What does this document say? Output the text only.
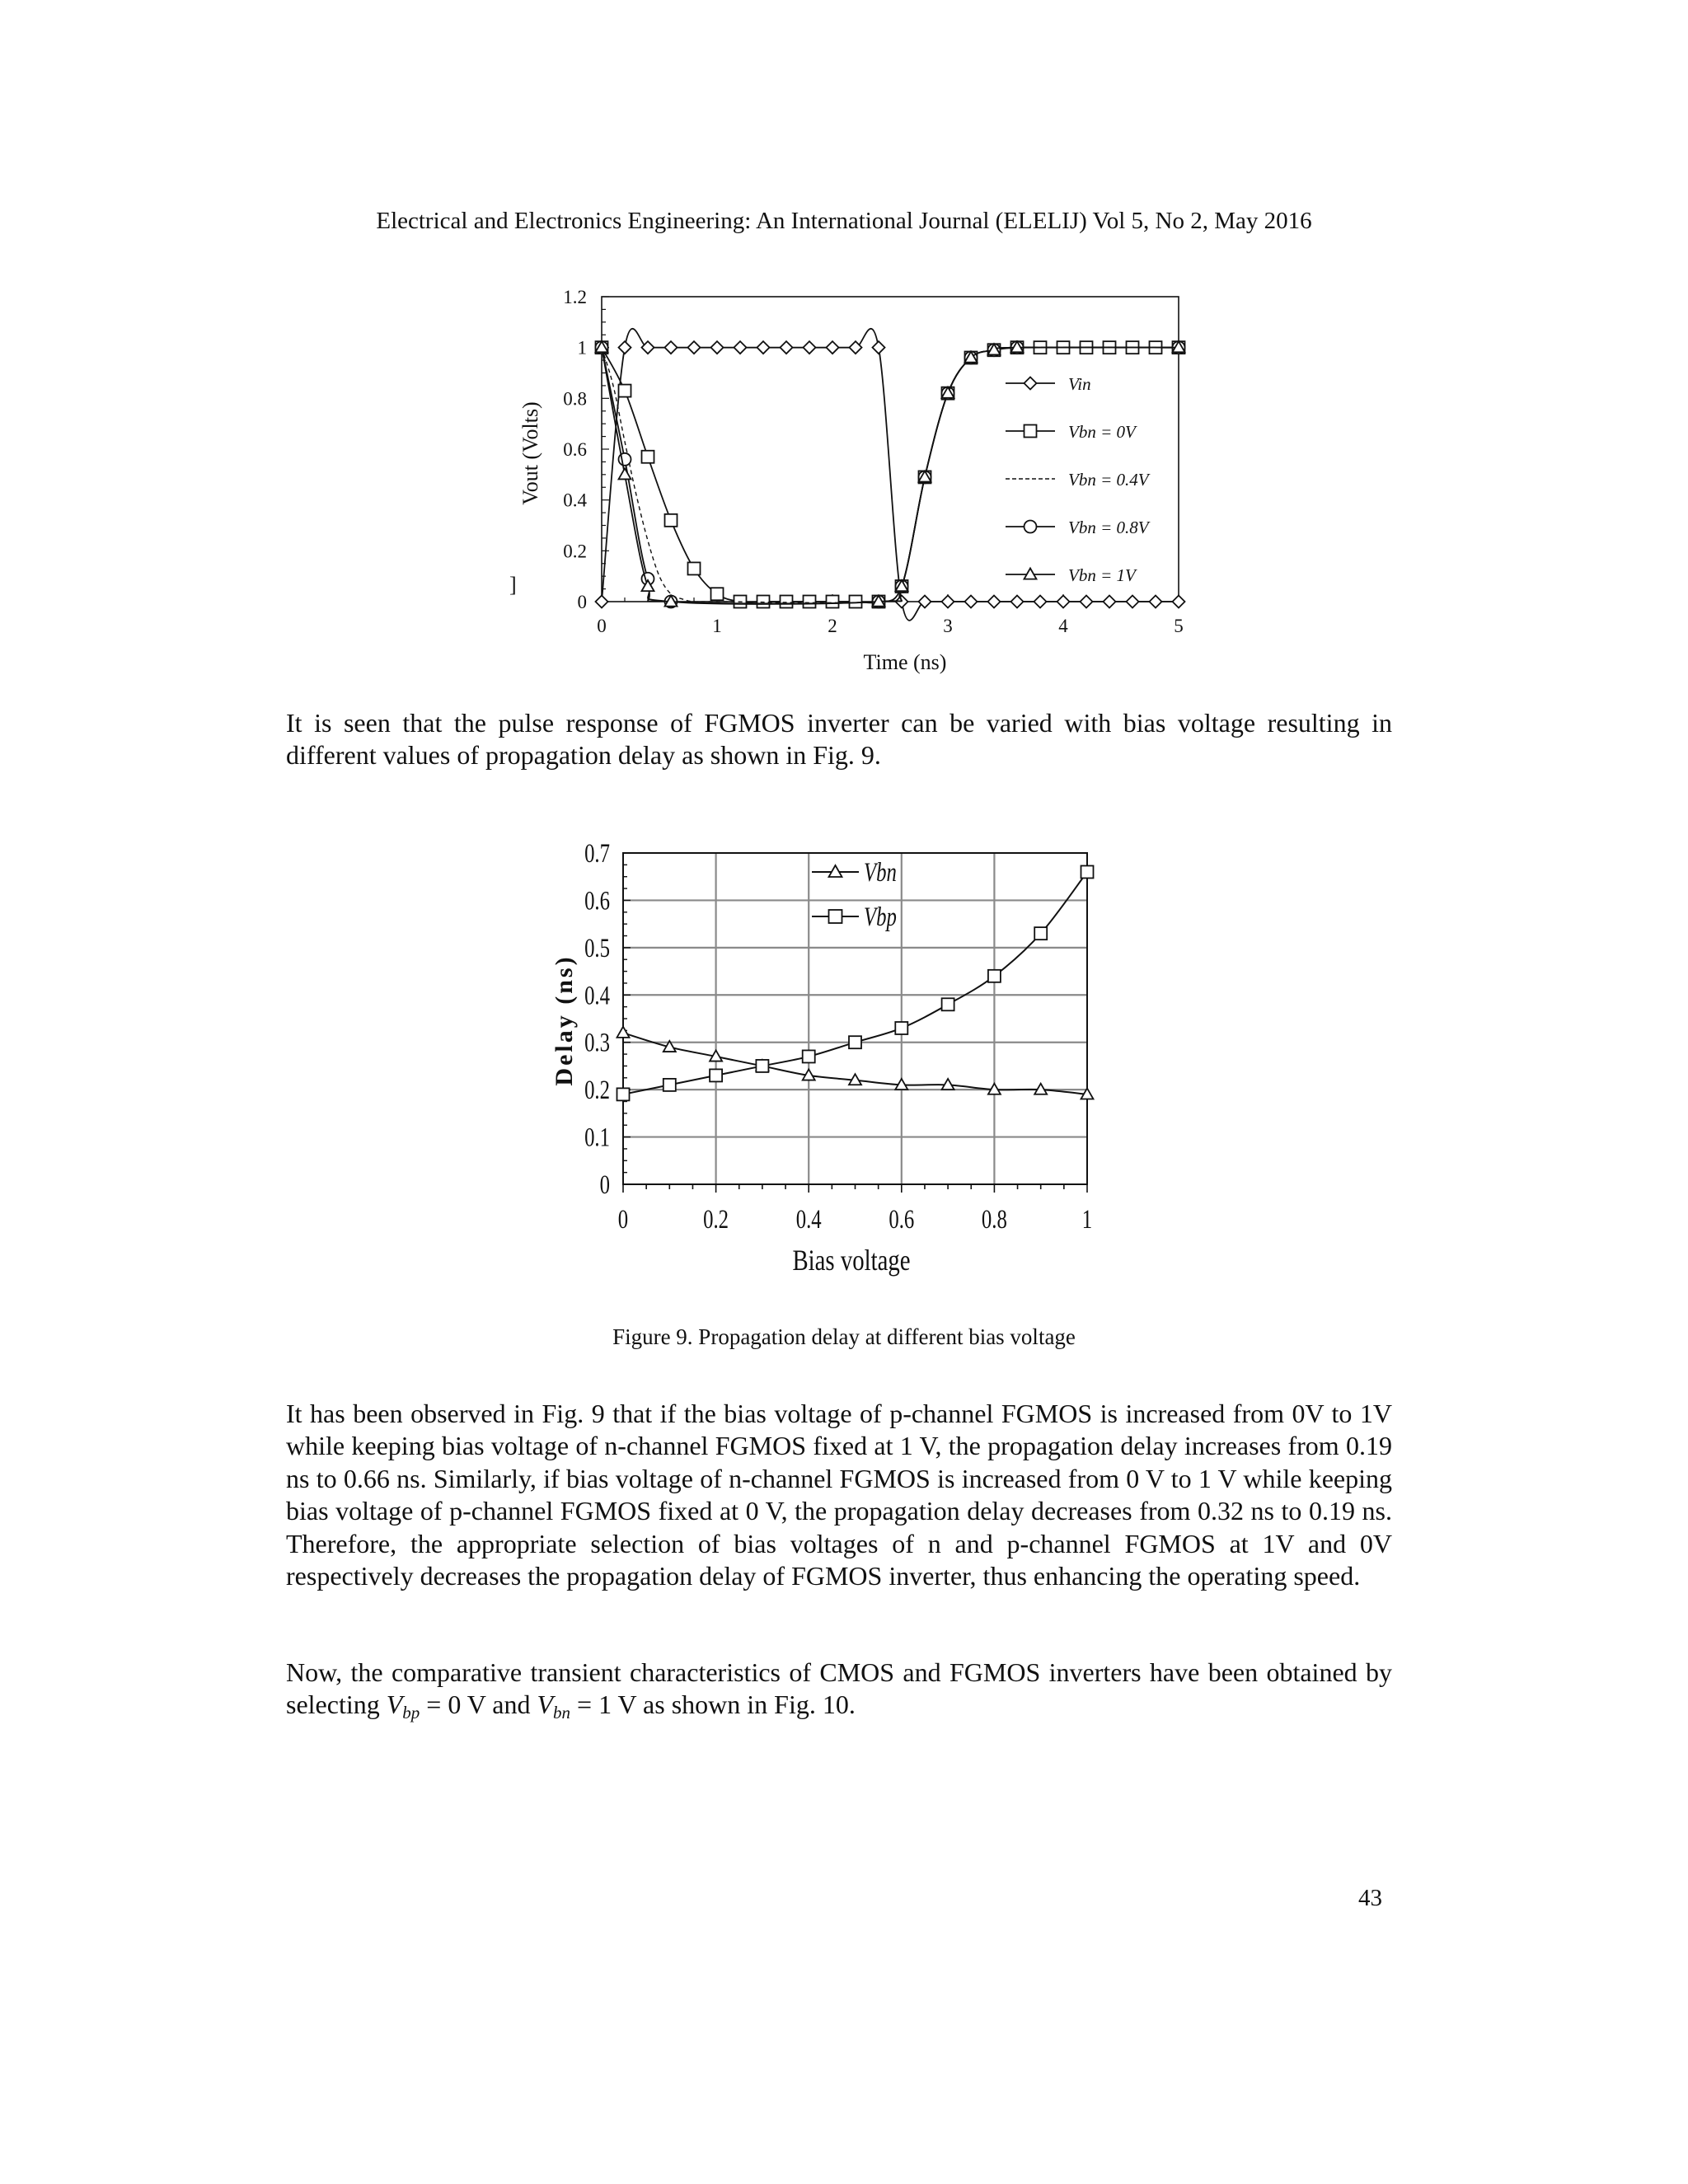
Electrical and Electronics Engineering: An International Journal (ELELIJ) Vol 5, No 2, May 2016
]
Vout (Volts)
Time (ns)
0	1	2	3	4	5
0
0.2
0.4
0.6
0.8
1
1.2
Vin
Vbn = 0V
Vbn = 0.4V
Vbn = 0.8V
Vbn = 1V

It is seen that the pulse response of FGMOS inverter can be varied with bias voltage resulting in different values of propagation delay as shown in Fig. 9.

Delay (ns)
Bias voltage
0	0.2 0.4 0.6 0.8	1
0
0.1
0.2
0.3
0.4
0.5
0.6
0.7
Vbn
Vbp
Figure 9. Propagation delay at different bias voltage

It has been observed in Fig. 9 that if the bias voltage of p-channel FGMOS is increased from 0V to 1V while keeping bias voltage of n-channel FGMOS fixed at 1 V, the propagation delay increases from 0.19 ns to 0.66 ns. Similarly, if bias voltage of n-channel FGMOS is increased from 0 V to 1 V while keeping bias voltage of p-channel FGMOS fixed at 0 V, the propagation delay decreases from 0.32 ns to 0.19 ns. Therefore, the appropriate selection of bias voltages of n and p-channel FGMOS at 1V and 0V respectively decreases the propagation delay of FGMOS inverter, thus enhancing the operating speed.

Now, the comparative transient characteristics of CMOS and FGMOS inverters have been obtained by selecting $V_{bp} = 0$ V and $V_{bn} = 1$ V as shown in Fig. 10.

43
